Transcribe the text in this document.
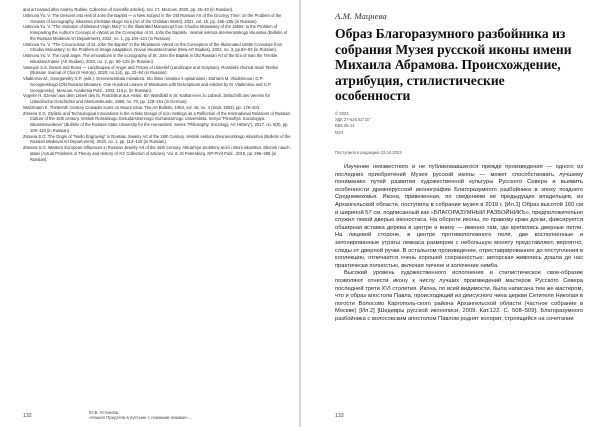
and art named after Andrey Rublev. Collection of scientific articles]. Vol. 17. Moscow, 2020, pp. 26–40 (in Russian).

Ustinova Yu. V. The Descent into Hell of John the Baptist — a New Subject in the Old Russian Art of the Groznyy Time: on the Problem of the Genesis of Iconography. Iskusstvo Khristian-skogo mira (Art of the Christian World), 2021, vol. 15, pp. 195–205 (in Russian).

Ustinova Yu. V. “The Visitation of Blessed Virgin Mary” in the Illustrated Manuscript from Chudov Monastery of the 1560s: to the Problem of Interpreting the Author’s Concept of «Word on the Conception of St. John the Baptist». Vestnik sektora drevnerusskogo iskusstva (Bulletin of the Russian Medieval Art Department), 2022, no. 1, pp.104–121 (in Russian).

Ustinova Yu. V. “The Circumcision of St. John the Baptist” in the Miniatures «Word on the Conception of the Illuminated 1560s Convolute from Chudov Monastery: to the Problem of Image Adaptation. Novoe iskusstvoznanie (New Art Studies), 2022, no. 3, pp.82–93 (in Russian).

Ustinova Yu. V. The royal angel. The innovations in the iconography of St. John the Baptist in Old Russian Art of the Era of Ivan the Terrible. Iskusstvoznanie (Art Studies), 2022, no. 2, pp. 90–125 (in Russian).

Vaneyan S.S. Desert and Ruins — Landscapes of Anger and Traces of Unbelief (Landscape and Scripture). Rossiiskii zhurnal istorii Tserkvi (Russian Journal of Church History), 2020, no.1(4), pp. 22–54 (in Russian).

Vladimirov M., Georgievsky G.P. (eds.). Drevnerusskaia miniatiura. Sto listov miniatiur s opisaniiami i stat’iami M. Vladimirova i G.P. Georgievskogo (Old Russian Miniature. One Hundred Leaves of Miniatures with Descriptions and Articles by M. Vladimirov and G.P. Georgievsky). Moscow, Academia Publ., 1933. 115 p. (in Russian).

Vogeler H. Szenen aus dem Leben des hl. Franziskus aus Assisi. Ein Wandbild in St. Kathari-nen zu Lübeck. Zeitschrift des Vereins für Lübeckische Geschichte und Altertumskunde, 1990, no. 70, pp. 129–151 (in German).

Weitzmann K. Thirteenth Century Crusader Icons on Mount Sinai. The Art Bulletin, 1963, vol. 45, no. 3 (Sept. 1963), pp. 179–203.

Zisseva S.G. Stylistic and Technological Innovations in the Artistic Design of Icon Settings as a Reflection of the International Relations of Russian Culture of the 16th century. Vestnik Rossiiskogo Gosudarstvennogo Gumanitarnogo Universiteta. Seriya “Filosofiya. Sociologiya. Iskusstvovedenie” (Bulletin of the Russian State University for the Humanities. Series “Philosophy. Sociology. Art History”), 2017, no. 5(9), pp. 106–118 (in Russian).

Zisseva S.G. The Origin of “Niello Engraving” in Russian Jewelry Art of the 16th Century. Vestnik sektora drevnerusskogo iskusstva (Bulletin of the Russian Medieval Art Depart-ment), 2020, no. 1, pp. 114–125 (in Russian).

Zisseva S.G. Western European Influences in Russian Jewelry Art of the 16th Century. Aktual’nye problemy teorii i istorii iskusstva. Sbornik nauch. statei (Actual Problems of Theory and History of Art: Collection of articles). Vol. 6. St Petersburg, NP-Print Publ., 2016, pp. 295–298 (in Russian).

132
Ю.В. Устинова
«Нашел Предтечи в пустыне с ложными ликами»…
А.М. Мацнева
Образ Благоразумного разбойника из собрания Музея русской иконы имени Михаила Абрамова. Происхождение, атрибуция, стилистические особенности
© 2023
УДК 27-526.62"15"
ББК 85.14
М23
Поступила в редакцию 22.04.2023

Изучение неизвестного и не публиковавшегося прежде произведения — одного из последних приобретений Музея русской иконы — может способствовать лучшему пониманию путей развития художественной культуры Русского Севера и выявить особенности древнерусской иконографии Благоразумного разбойника в эпоху позднего Средневековья. Икона, привезенная, по сведениям ее предыдущих владельцев, из Архангельской области, поступила в собрание музея в 2019 г. [Ил.1] Образ высотой 160 см и шириной 57 см, подписанный как «БЛАГОРАЗУМНЫИ РАЗБОЙНИКЪ», предположительно служил левой дверью иконостаса. На обороте иконы, по правому краю доски, фиксируется обширная вставка дерева в центре и внизу — именно там, где крепились дверные петли. На лицевой стороне, в центре противоположного поля, две восполненные и затонированные утраты левкаса размером с небольшую монету представляют, вероятно, следы от дверной ручки. В остальном произведение, отреставрированное до поступления в коллекцию, отличается очень хорошей сохранностью: авторская живопись дошла до нас практически полностью, включая личное и золочение нимба.

Высокий уровень художественного исполнения и стилистическое свое-образие позволяют отнести икону к числу лучших произведений мастеров Русского Севера последней трети XVI столетия. Икона, по всей видимости, была написана тем же мастером, что и образ апостола Павла, происходящий из деисусного чина церкви Сетителя Николая в погосте Волосово Каргополь-ского района Архангельской области (частное собрание в Москве) [Ил.2] [Шедевры русской иконописи, 2009. Кат.122. С. 508–509]. Благоразумного разбойника с волосовским апостолом Павлом роднят колорит, строящийся на сочетании

133
